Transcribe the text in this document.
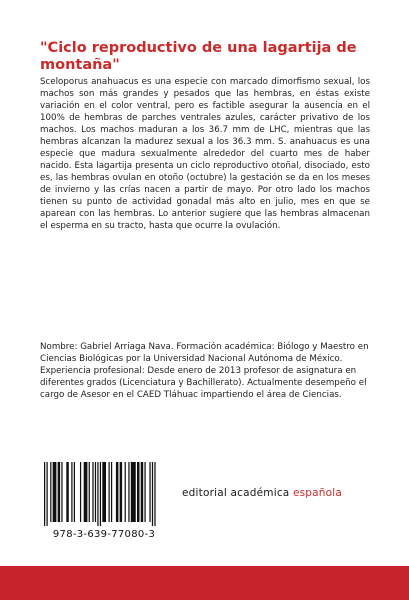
"Ciclo reproductivo de una lagartija de montaña"

Sceloporus anahuacus es una especie con marcado dimorfismo sexual, los machos son más grandes y pesados que las hembras, en éstas existe variación en el color ventral, pero es factible asegurar la ausencia en el 100% de hembras de parches ventrales azules, carácter privativo de los machos. Los machos maduran a los 36.7 mm de LHC, mientras que las hembras alcanzan la madurez sexual a los 36.3 mm. S. anahuacus es una especie que madura sexualmente alrededor del cuarto mes de haber nacido. Esta lagartija presenta un ciclo reproductivo otoñal, disociado, esto es, las hembras ovulan en otoño (octubre) la gestación se da en los meses de invierno y las crías nacen a partir de mayo. Por otro lado los machos tienen su punto de actividad gonadal más alto en julio, mes en que se aparean con las hembras. Lo anterior sugiere que las hembras almacenan el esperma en su tracto, hasta que ocurre la ovulación.

Nombre: Gabriel Arriaga Nava. Formación académica: Biólogo y Maestro en Ciencias Biológicas por la Universidad Nacional Autónoma de México. Experiencia profesional: Desde enero de 2013 profesor de asignatura en diferentes grados (Licenciatura y Bachillerato). Actualmente desempeño el cargo de Asesor en el CAED Tláhuac impartiendo el área de Ciencias.

978-3-639-77080-3
editorial académica española
